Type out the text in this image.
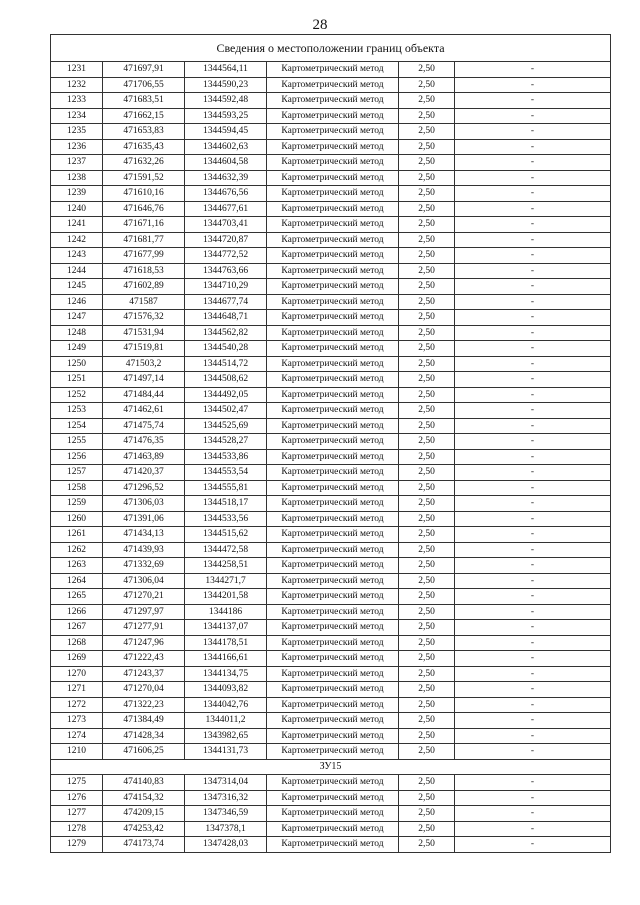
28
Сведения о местоположении границ объекта					
1231	471697,91	1344564,11	Картометрический метод	2,50	-
1232	471706,55	1344590,23	Картометрический метод	2,50	-
1233	471683,51	1344592,48	Картометрический метод	2,50	-
1234	471662,15	1344593,25	Картометрический метод	2,50	-
1235	471653,83	1344594,45	Картометрический метод	2,50	-
1236	471635,43	1344602,63	Картометрический метод	2,50	-
1237	471632,26	1344604,58	Картометрический метод	2,50	-
1238	471591,52	1344632,39	Картометрический метод	2,50	-
1239	471610,16	1344676,56	Картометрический метод	2,50	-
1240	471646,76	1344677,61	Картометрический метод	2,50	-
1241	471671,16	1344703,41	Картометрический метод	2,50	-
1242	471681,77	1344720,87	Картометрический метод	2,50	-
1243	471677,99	1344772,52	Картометрический метод	2,50	-
1244	471618,53	1344763,66	Картометрический метод	2,50	-
1245	471602,89	1344710,29	Картометрический метод	2,50	-
1246	471587	1344677,74	Картометрический метод	2,50	-
1247	471576,32	1344648,71	Картометрический метод	2,50	-
1248	471531,94	1344562,82	Картометрический метод	2,50	-
1249	471519,81	1344540,28	Картометрический метод	2,50	-
1250	471503,2	1344514,72	Картометрический метод	2,50	-
1251	471497,14	1344508,62	Картометрический метод	2,50	-
1252	471484,44	1344492,05	Картометрический метод	2,50	-
1253	471462,61	1344502,47	Картометрический метод	2,50	-
1254	471475,74	1344525,69	Картометрический метод	2,50	-
1255	471476,35	1344528,27	Картометрический метод	2,50	-
1256	471463,89	1344533,86	Картометрический метод	2,50	-
1257	471420,37	1344553,54	Картометрический метод	2,50	-
1258	471296,52	1344555,81	Картометрический метод	2,50	-
1259	471306,03	1344518,17	Картометрический метод	2,50	-
1260	471391,06	1344533,56	Картометрический метод	2,50	-
1261	471434,13	1344515,62	Картометрический метод	2,50	-
1262	471439,93	1344472,58	Картометрический метод	2,50	-
1263	471332,69	1344258,51	Картометрический метод	2,50	-
1264	471306,04	1344271,7	Картометрический метод	2,50	-
1265	471270,21	1344201,58	Картометрический метод	2,50	-
1266	471297,97	1344186	Картометрический метод	2,50	-
1267	471277,91	1344137,07	Картометрический метод	2,50	-
1268	471247,96	1344178,51	Картометрический метод	2,50	-
1269	471222,43	1344166,61	Картометрический метод	2,50	-
1270	471243,37	1344134,75	Картометрический метод	2,50	-
1271	471270,04	1344093,82	Картометрический метод	2,50	-
1272	471322,23	1344042,76	Картометрический метод	2,50	-
1273	471384,49	1344011,2	Картометрический метод	2,50	-
1274	471428,34	1343982,65	Картометрический метод	2,50	-
1210	471606,25	1344131,73	Картометрический метод	2,50	-
ЗУ15					
1275	474140,83	1347314,04	Картометрический метод	2,50	-
1276	474154,32	1347316,32	Картометрический метод	2,50	-
1277	474209,15	1347346,59	Картометрический метод	2,50	-
1278	474253,42	1347378,1	Картометрический метод	2,50	-
1279	474173,74	1347428,03	Картометрический метод	2,50	-
